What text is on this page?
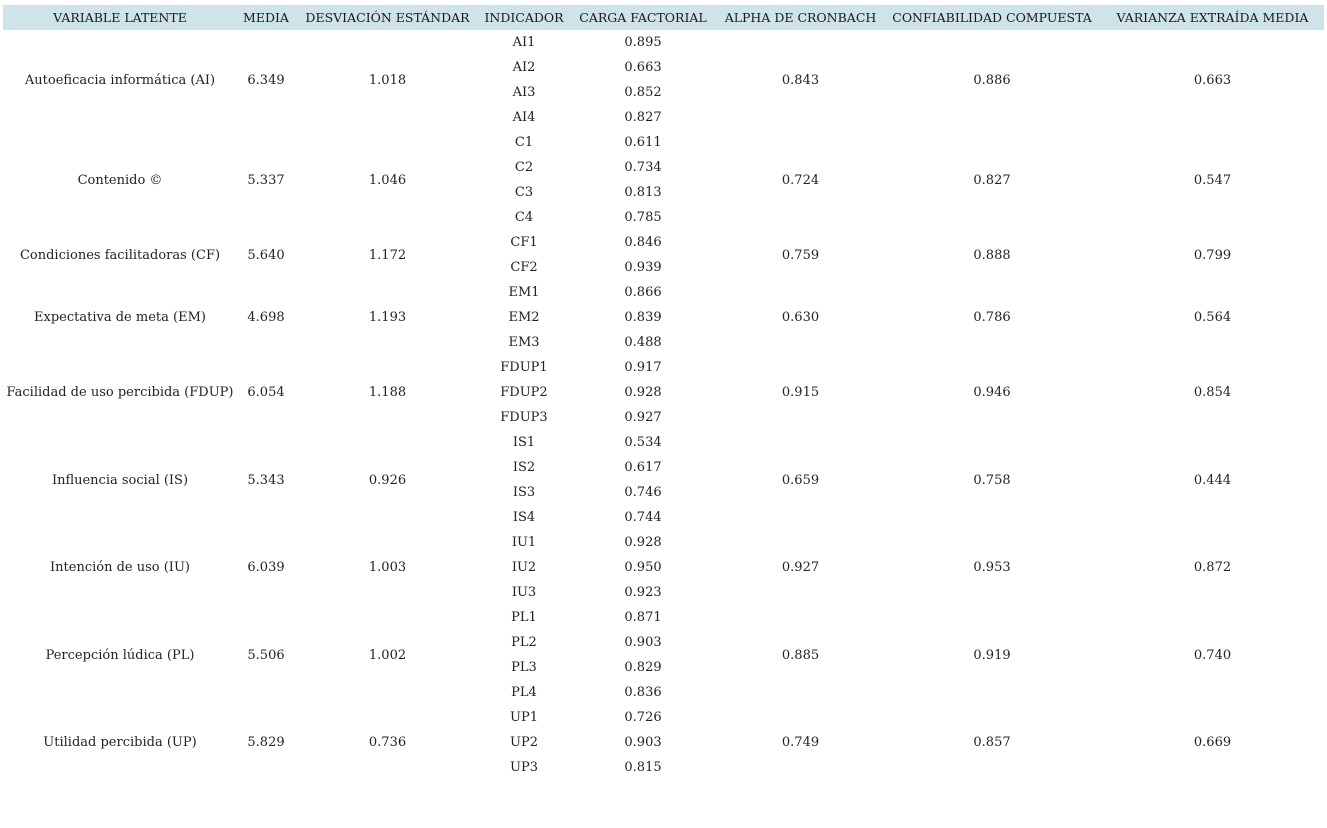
VARIABLE LATENTE	MEDIA	DESVIACIÓN ESTÁNDAR	INDICADOR	CARGA FACTORIAL	ALPHA DE CRONBACH	CONFIABILIDAD COMPUESTA	VARIANZA EXTRAÍDA MEDIA
Autoeficacia informática (AI)	6.349	1.018	AI1	0.895	0.843	0.886	0.663
			AI2	0.663			
			AI3	0.852			
			AI4	0.827			
Contenido ©	5.337	1.046	C1	0.611	0.724	0.827	0.547
			C2	0.734			
			C3	0.813			
			C4	0.785			
Condiciones facilitadoras (CF)	5.640	1.172	CF1	0.846	0.759	0.888	0.799
			CF2	0.939			
Expectativa de meta (EM)	4.698	1.193	EM1	0.866	0.630	0.786	0.564
			EM2	0.839			
			EM3	0.488			
Facilidad de uso percibida (FDUP)	6.054	1.188	FDUP1	0.917	0.915	0.946	0.854
			FDUP2	0.928			
			FDUP3	0.927			
Influencia social (IS)	5.343	0.926	IS1	0.534	0.659	0.758	0.444
			IS2	0.617			
			IS3	0.746			
			IS4	0.744			
Intención de uso (IU)	6.039	1.003	IU1	0.928	0.927	0.953	0.872
			IU2	0.950			
			IU3	0.923			
Percepción lúdica (PL)	5.506	1.002	PL1	0.871	0.885	0.919	0.740
			PL2	0.903			
			PL3	0.829			
			PL4	0.836			
Utilidad percibida (UP)	5.829	0.736	UP1	0.726	0.749	0.857	0.669
			UP2	0.903			
			UP3	0.815			
